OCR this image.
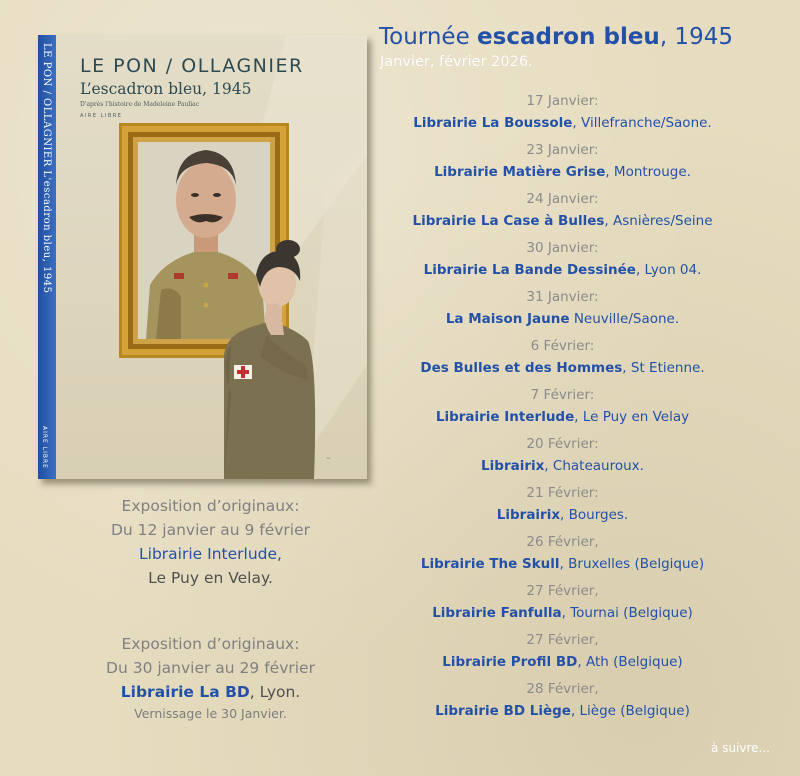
LE PON / OLLAGNIER L'escadron bleu, 1945
AIRE LIBRE	~
LE PON / OLLAGNIER
L’escadron bleu, 1945
D'après l'histoire de Madeleine Pauliac
AIRE LIBRE
Exposition d’originaux:
Du 12 janvier au 9 février
Librairie Interlude,
Le Puy en Velay.
Exposition d’originaux:
Du 30 janvier au 29 février
Librairie La BD, Lyon.
Vernissage le 30 Janvier.
Tournée escadron bleu, 1945
Janvier, février 2026.
17 Janvier:
Librairie La Boussole, Villefranche/Saone.
23 Janvier:
Librairie Matière Grise, Montrouge.
24 Janvier:
Librairie La Case à Bulles, Asnières/Seine
30 Janvier:
Librairie La Bande Dessinée, Lyon 04.
31 Janvier:
La Maison Jaune Neuville/Saone.
6 Février:
Des Bulles et des Hommes, St Etienne.
7 Février:
Librairie Interlude, Le Puy en Velay
20 Février:
Librairix, Chateauroux.
21 Février:
Librairix, Bourges.
26 Février,
Librairie The Skull, Bruxelles (Belgique)
27 Février,
Librairie Fanfulla, Tournai (Belgique)
27 Février,
Librairie Profil BD, Ath (Belgique)
28 Février,
Librairie BD Liège, Liège (Belgique)
à suivre...
